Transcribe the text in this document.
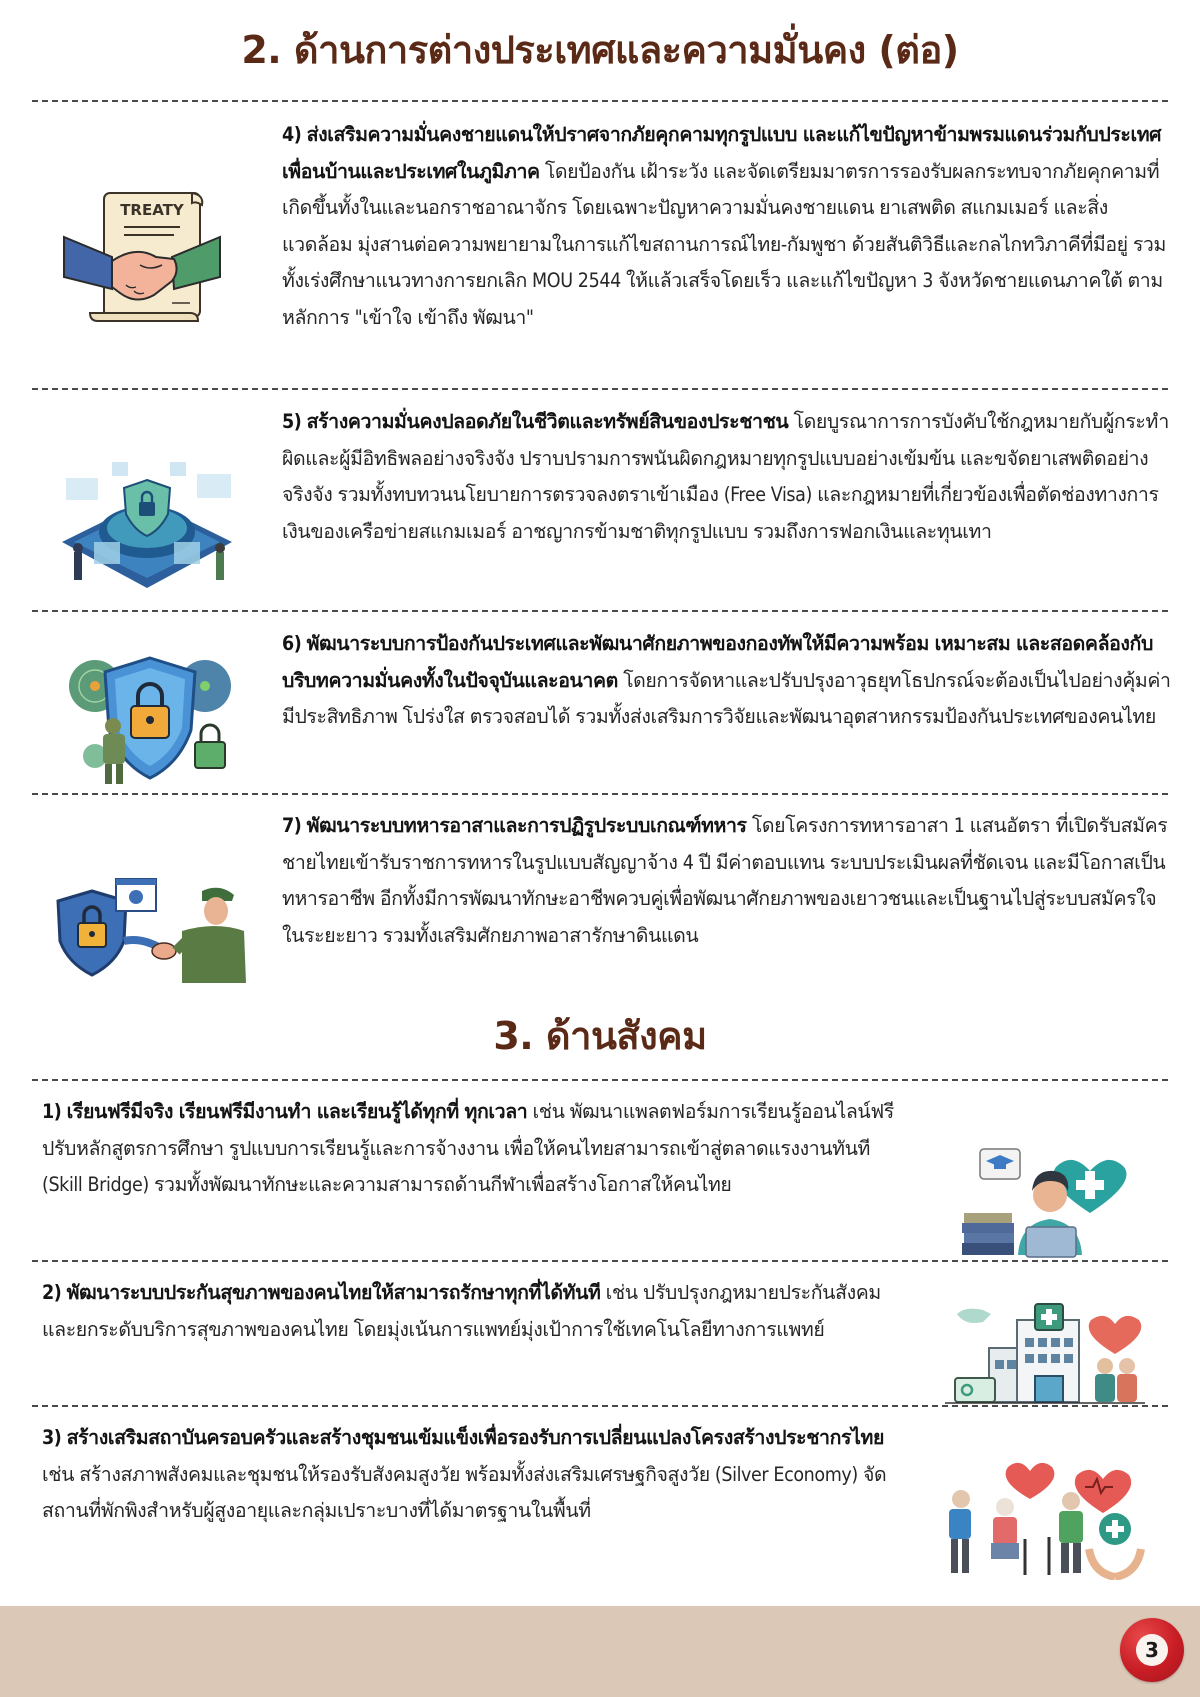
2. ด้านการต่างประเทศและความมั่นคง (ต่อ)
TREATY
4) ส่งเสริมความมั่นคงชายแดนให้ปราศจากภัยคุกคามทุกรูปแบบ และแก้ไขปัญหาข้ามพรมแดนร่วมกับประเทศเพื่อนบ้านและประเทศในภูมิภาค โดยป้องกัน เฝ้าระวัง และจัดเตรียมมาตรการรองรับผลกระทบจากภัยคุกคามที่เกิดขึ้นทั้งในและนอกราชอาณาจักร โดยเฉพาะปัญหาความมั่นคงชายแดน ยาเสพติด สแกมเมอร์ และสิ่งแวดล้อม มุ่งสานต่อความพยายามในการแก้ไขสถานการณ์ไทย-กัมพูชา ด้วยสันติวิธีและกลไกทวิภาคีที่มีอยู่ รวมทั้งเร่งศึกษาแนวทางการยกเลิก MOU 2544 ให้แล้วเสร็จโดยเร็ว และแก้ไขปัญหา 3 จังหวัดชายแดนภาคใต้ ตามหลักการ "เข้าใจ เข้าถึง พัฒนา"
5) สร้างความมั่นคงปลอดภัยในชีวิตและทรัพย์สินของประชาชน โดยบูรณาการการบังคับใช้กฎหมายกับผู้กระทำผิดและผู้มีอิทธิพลอย่างจริงจัง ปราบปรามการพนันผิดกฎหมายทุกรูปแบบอย่างเข้มข้น และขจัดยาเสพติดอย่างจริงจัง รวมทั้งทบทวนนโยบายการตรวจลงตราเข้าเมือง (Free Visa) และกฎหมายที่เกี่ยวข้องเพื่อตัดช่องทางการเงินของเครือข่ายสแกมเมอร์ อาชญากรข้ามชาติทุกรูปแบบ รวมถึงการฟอกเงินและทุนเทา
6) พัฒนาระบบการป้องกันประเทศและพัฒนาศักยภาพของกองทัพให้มีความพร้อม เหมาะสม และสอดคล้องกับบริบทความมั่นคงทั้งในปัจจุบันและอนาคต โดยการจัดหาและปรับปรุงอาวุธยุทโธปกรณ์จะต้องเป็นไปอย่างคุ้มค่า มีประสิทธิภาพ โปร่งใส ตรวจสอบได้ รวมทั้งส่งเสริมการวิจัยและพัฒนาอุตสาหกรรมป้องกันประเทศของคนไทย
7) พัฒนาระบบทหารอาสาและการปฏิรูประบบเกณฑ์ทหาร โดยโครงการทหารอาสา 1 แสนอัตรา ที่เปิดรับสมัครชายไทยเข้ารับราชการทหารในรูปแบบสัญญาจ้าง 4 ปี มีค่าตอบแทน ระบบประเมินผลที่ชัดเจน และมีโอกาสเป็นทหารอาชีพ อีกทั้งมีการพัฒนาทักษะอาชีพควบคู่เพื่อพัฒนาศักยภาพของเยาวชนและเป็นฐานไปสู่ระบบสมัครใจในระยะยาว รวมทั้งเสริมศักยภาพอาสารักษาดินแดน
3. ด้านสังคม
1) เรียนฟรีมีจริง เรียนฟรีมีงานทำ และเรียนรู้ได้ทุกที่ ทุกเวลา เช่น พัฒนาแพลตฟอร์มการเรียนรู้ออนไลน์ฟรี ปรับหลักสูตรการศึกษา รูปแบบการเรียนรู้และการจ้างงาน เพื่อให้คนไทยสามารถเข้าสู่ตลาดแรงงานทันที (Skill Bridge) รวมทั้งพัฒนาทักษะและความสามารถด้านกีฬาเพื่อสร้างโอกาสให้คนไทย
2) พัฒนาระบบประกันสุขภาพของคนไทยให้สามารถรักษาทุกที่ได้ทันที เช่น ปรับปรุงกฎหมายประกันสังคม และยกระดับบริการสุขภาพของคนไทย โดยมุ่งเน้นการแพทย์มุ่งเป้าการใช้เทคโนโลยีทางการแพทย์
3) สร้างเสริมสถาบันครอบครัวและสร้างชุมชนเข้มแข็งเพื่อรองรับการเปลี่ยนแปลงโครงสร้างประชากรไทย เช่น สร้างสภาพสังคมและชุมชนให้รองรับสังคมสูงวัย พร้อมทั้งส่งเสริมเศรษฐกิจสูงวัย (Silver Economy) จัดสถานที่พักพิงสำหรับผู้สูงอายุและกลุ่มเปราะบางที่ได้มาตรฐานในพื้นที่
3
